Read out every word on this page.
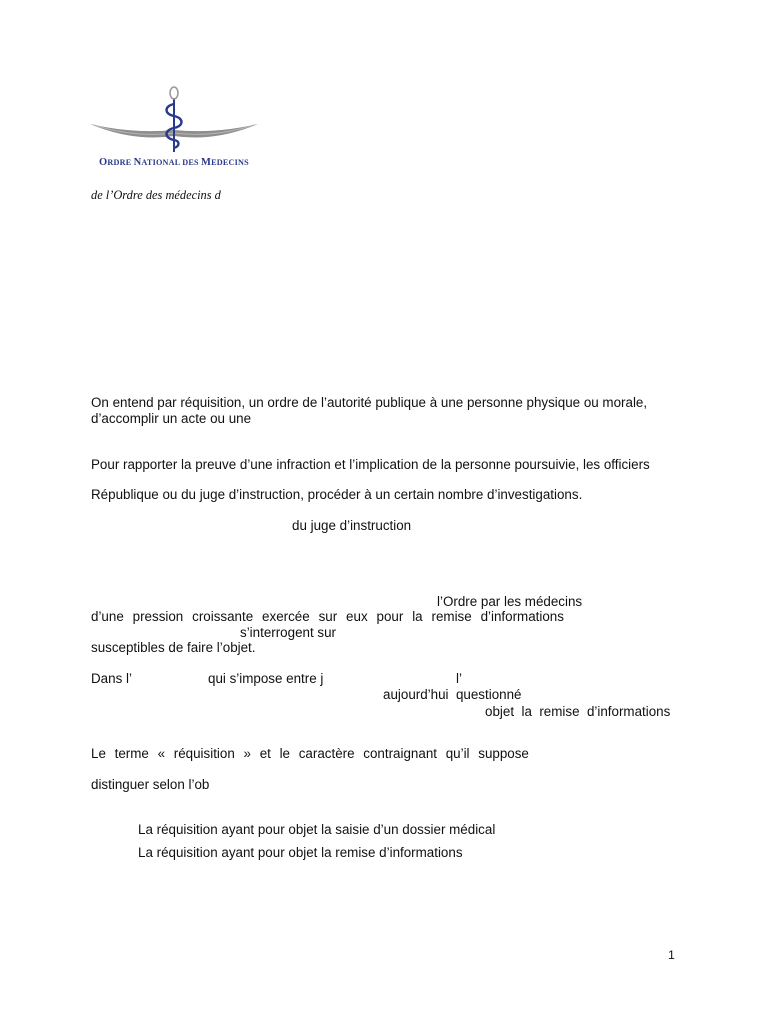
ORDRE NATIONAL DES MEDECINS
de l’Ordre des médecins d
On entend par réquisition, un ordre de l’autorité publique à une personne physique ou morale,
d’accomplir un acte ou une
Pour rapporter la preuve d’une infraction et l’implication de la personne poursuivie, les officiers
République ou du juge d’instruction, procéder à un certain nombre d’investigations.
du juge d’instruction
l’Ordre par les médecins
d’une pression croissante exercée sur eux pour la remise d’informations
s’interrogent sur
susceptibles de faire l’objet.
Dans l’	qui s’impose entre j	l’
aujourd’hui  questionné
objet  la  remise  d’informations
Le terme « réquisition » et le caractère contraignant qu’il suppose
distinguer selon l’ob
La réquisition ayant pour objet la saisie d’un dossier médical
La réquisition ayant pour objet la remise d’informations
1
